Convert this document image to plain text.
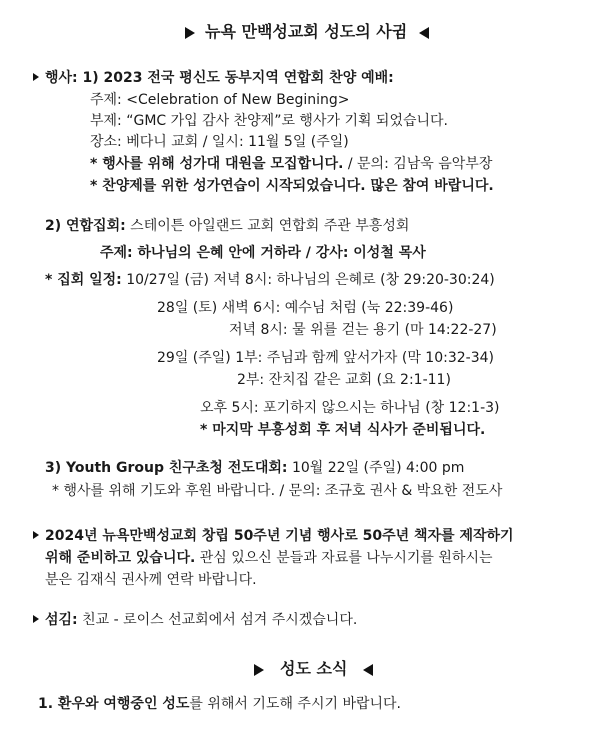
뉴욕 만백성교회 성도의 사귐
행사: 1) 2023 전국 평신도 동부지역 연합회 찬양 예배:
주제: <Celebration of New Begining>
부제: “GMC 가입 감사 찬양제”로 행사가 기획 되었습니다.
장소: 베다니 교회 / 일시: 11월 5일 (주일)
* 행사를 위해 성가대 대원을 모집합니다. / 문의: 김남욱 음악부장
* 찬양제를 위한 성가연습이 시작되었습니다. 많은 참여 바랍니다.
2) 연합집회: 스테이튼 아일랜드 교회 연합회 주관 부흥성회
주제: 하나님의 은혜 안에 거하라 / 강사: 이성철 목사
* 집회 일정: 10/27일 (금) 저녁 8시: 하나님의 은혜로 (창 29:20-30:24)
28일 (토) 새벽 6시: 예수님 처럼 (눅 22:39-46)
저녁 8시: 물 위를 걷는 용기 (마 14:22-27)
29일 (주일) 1부: 주님과 함께 앞서가자 (막 10:32-34)
2부: 잔치집 같은 교회 (요 2:1-11)
오후 5시: 포기하지 않으시는 하나님 (창 12:1-3)
* 마지막 부흥성회 후 저녁 식사가 준비됩니다.
3) Youth Group 친구초청 전도대회: 10월 22일 (주일) 4:00 pm
* 행사를 위해 기도와 후원 바랍니다. / 문의: 조규호 권사 & 박요한 전도사
2024년 뉴욕만백성교회 창립 50주년 기념 행사로 50주년 책자를 제작하기
위해 준비하고 있습니다. 관심 있으신 분들과 자료를 나누시기를 원하시는
분은 김재식 권사께 연락 바랍니다.
섬김: 친교 - 로이스 선교회에서 섬겨 주시겠습니다.
성도 소식
1. 환우와 여행중인 성도를 위해서 기도해 주시기 바랍니다.
